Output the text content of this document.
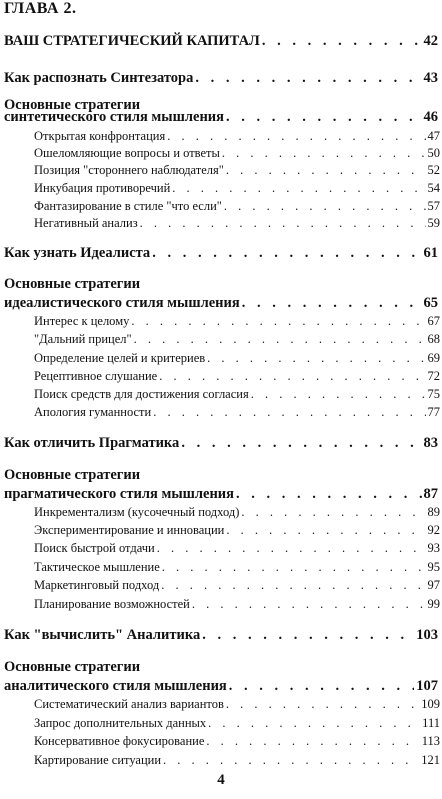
ГЛАВА 2.
ВАШ СТРАТЕГИЧЕСКИЙ КАПИТАЛ . . .	42
Как распознать Синтезатора . . .	43
Основные стратегии
синтетического стиля мышления . . .	46
Открытая конфронтация . . .	47
Ошеломляющие вопросы и ответы . . .	50
Позиция "стороннего наблюдателя" . . .	52
Инкубация противоречий . . .	54
Фантазирование в стиле "что если" . . .	57
Негативный анализ . . .	59
Как узнать Идеалиста . . .	61
Основные стратегии
идеалистического стиля мышления . . .	65
Интерес к целому . . .	67
"Дальний прицел" . . .	68
Определение целей и критериев . . .	69
Рецептивное слушание . . .	72
Поиск средств для достижения согласия . . .	75
Апология гуманности . . .	77
Как отличить Прагматика . . .	83
Основные стратегии
прагматического стиля мышления . . .	87
Инкрементализм (кусочечный подход) . . .	89
Экспериментирование и инновации . . .	92
Поиск быстрой отдачи . . .	93
Тактическое мышление . . .	95
Маркетинговый подход . . .	97
Планирование возможностей . . .	99
Как "вычислить" Аналитика . . .	103
Основные стратегии
аналитического стиля мышления . . .	107
Систематический анализ вариантов . . .	109
Запрос дополнительных данных . . .	111
Консервативное фокусирование . . .	113
Картирование ситуации . . .	121
4
